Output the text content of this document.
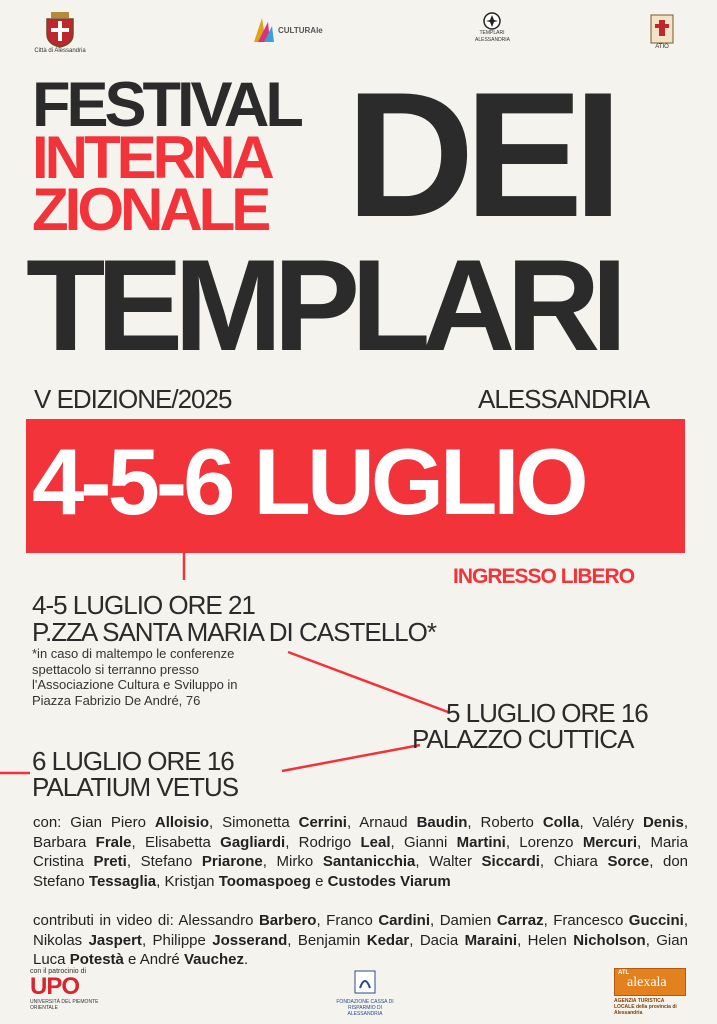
Città di Alessandria
CULTURAle	TEMPLARI ALESSANDRIA
ATIO
FESTIVAL
INTERNA
ZIONALE DEI
TEMPLARI
V EDIZIONE/2025	ALESSANDRIA
4-5-6 LUGLIO
INGRESSO LIBERO
4-5 LUGLIO ORE 21
P.ZZA SANTA MARIA DI CASTELLO*
*in caso di maltempo le conferenze spettacolo si terranno presso l'Associazione Cultura e Sviluppo in Piazza Fabrizio De André, 76	5 LUGLIO ORE 16
PALAZZO CUTTICA
6 LUGLIO ORE 16
PALATIUM VETUS
con: Gian Piero Alloisio, Simonetta Cerrini, Arnaud Baudin, Roberto Colla, Valéry Denis, Barbara Frale, Elisabetta Gagliardi, Rodrigo Leal, Gianni Martini, Lorenzo Mercuri, Maria Cristina Preti, Stefano Priarone, Mirko Santanicchia, Walter Siccardi, Chiara Sorce, don Stefano Tessaglia, Kristjan Toomaspoeg e Custodes Viarum
contributi in video di: Alessandro Barbero, Franco Cardini, Damien Carraz, Francesco Guccini, Nikolas Jaspert, Philippe Josserand, Benjamin Kedar, Dacia Maraini, Helen Nicholson, Gian Luca Potestà e André Vauchez.
con il patrocinio di
UPO
UNIVERSITÀ DEL PIEMONTE ORIENTALE
FONDAZIONE CASSA DI RISPARMIO DI ALESSANDRIA
ATL
alexala
AGENZIA TURISTICA LOCALE della provincia di Alessandria
